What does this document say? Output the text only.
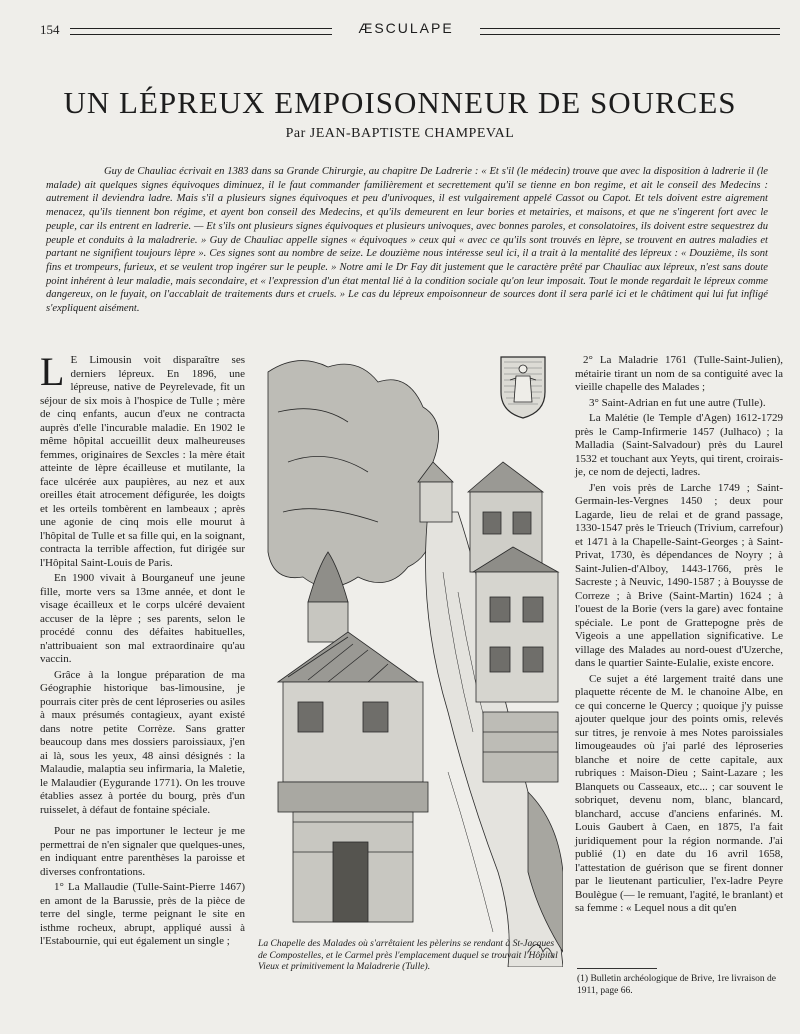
154	ÆSCULAPE
UN LÉPREUX EMPOISONNEUR DE SOURCES
Par JEAN-BAPTISTE CHAMPEVAL

Guy de Chauliac écrivait en 1383 dans sa Grande Chirurgie, au chapitre De Ladrerie : « Et s'il (le médecin) trouve que avec la disposition à ladrerie il (le malade) ait quelques signes équivoques diminuez, il le faut commander familièrement et secrettement qu'il se tienne en bon regime, et ait le conseil des Medecins : autrement il deviendra ladre. Mais s'il a plusieurs signes équivoques et peu d'univoques, il est vulgairement appelé Cassot ou Capot. Et tels doivent estre aigrement menacez, qu'ils tiennent bon régime, et ayent bon conseil des Medecins, et qu'ils demeurent en leur bories et metairies, et maisons, et que ne s'ingerent fort avec le peuple, car ils entrent en ladrerie. — Et s'ils ont plusieurs signes équivoques et plusieurs univoques, avec bonnes paroles, et consolatoires, ils doivent estre sequestrez du peuple et conduits à la maladrerie. » Guy de Chauliac appelle signes « équivoques » ceux qui « avec ce qu'ils sont trouvés en lèpre, se trouvent en autres maladies et partant ne signifient toujours lèpre ». Ces signes sont au nombre de seize. Le douzième nous intéresse seul ici, il a trait à la mentalité des lépreux : « Douzième, ils sont fins et trompeurs, furieux, et se veulent trop ingérer sur le peuple. » Notre ami le Dr Fay dit justement que le caractère prêté par Chauliac aux lépreux, n'est sans doute point inhérent à leur maladie, mais secondaire, et « l'expression d'un état mental lié à la condition sociale qu'on leur imposait. Tout le monde regardait le lépreux comme dangereux, on le fuyait, on l'accablait de traitements durs et cruels. » Le cas du lépreux empoisonneur de sources dont il sera parlé ici et le châtiment qui lui fut infligé s'expliquent aisément.

L E Limousin voit disparaître ses derniers lépreux. En 1896, une lépreuse, native de Peyrelevade, fit un séjour de six mois à l'hospice de Tulle ; mère de cinq enfants, aucun d'eux ne contracta auprès d'elle l'incurable maladie. En 1902 le même hôpital accueillit deux malheureuses femmes, originaires de Sexcles : la mère était atteinte de lèpre écailleuse et mutilante, la face ulcérée aux paupières, au nez et aux oreilles était atrocement défigurée, les doigts et les orteils tombèrent en lambeaux ; après une agonie de cinq mois elle mourut à l'hôpital de Tulle et sa fille qui, en la soignant, contracta la terrible affection, fut dirigée sur l'Hôpital Saint-Louis de Paris.

En 1900 vivait à Bourganeuf une jeune fille, morte vers sa 13me année, et dont le visage écailleux et le corps ulcéré devaient accuser de la lèpre ; ses parents, selon le procédé connu des défaites habituelles, n'attribuaient son mal extraordinaire qu'au vaccin.

Grâce à la longue préparation de ma Géographie historique bas-limousine, je pourrais citer près de cent léproseries ou asiles à maux présumés contagieux, ayant existé dans notre petite Corrèze. Sans gratter beaucoup dans mes dossiers paroissiaux, j'en ai là, sous les yeux, 48 ainsi désignés : la Malaudie, malaptia seu infirmaria, la Maletie, le Malaudier (Eygurande 1771). On les trouve établies assez à portée du bourg, près d'un ruisselet, à défaut de fontaine spéciale.

Pour ne pas importuner le lecteur je me permettrai de n'en signaler que quelques-unes, en indiquant entre parenthèses la paroisse et diverses confrontations.

1° La Mallaudie (Tulle-Saint-Pierre 1467) en amont de la Barussie, près de la pièce de terre del single, terme peignant le site en isthme rocheux, abrupt, appliqué aussi à l'Estabournie, qui eut également un single ;	La Chapelle des Malades où s'arrêtaient les pèlerins se rendant à St-Jacques de Compostelles, et le Carmel près l'emplacement duquel se trouvait l'Hôpital Vieux et primitivement la Maladrerie (Tulle).

2° La Maladrie 1761 (Tulle-Saint-Julien), métairie tirant un nom de sa contiguité avec la vieille chapelle des Malades ;

3° Saint-Adrian en fut une autre (Tulle).

La Malétie (le Temple d'Agen) 1612-1729 près le Camp-Infirmerie 1457 (Julhaco) ; la Malladia (Saint-Salvadour) près du Laurel 1532 et touchant aux Yeyts, qui tirent, croirais-je, ce nom de dejecti, ladres.

J'en vois près de Larche 1749 ; Saint-Germain-les-Vergnes 1450 ; deux pour Lagarde, lieu de relai et de grand passage, 1330-1547 près le Trieuch (Trivium, carrefour) et 1471 à la Chapelle-Saint-Georges ; à Saint-Privat, 1730, ès dépendances de Noyry ; à Saint-Julien-d'Alboy, 1443-1766, près le Sacreste ; à Neuvic, 1490-1587 ; à Bouysse de Correze ; à Brive (Saint-Martin) 1624 ; à l'ouest de la Borie (vers la gare) avec fontaine spéciale. Le pont de Grattерogne près de Vigeois a une appellation significative. Le village des Malades au nord-ouest d'Uzerche, dans le quartier Sainte-Eulalie, existe encore.

Ce sujet a été largement traité dans une plaquette récente de M. le chanoine Albe, en ce qui concerne le Quercy ; quoique j'y puisse ajouter quelque jour des points omis, relevés sur titres, je renvoie à mes Notes paroissiales limougeaudes où j'ai parlé des léproseries blanche et noire de cette capitale, aux rubriques : Maison-Dieu ; Saint-Lazare ; les Blanquets ou Casseaux, etc... ; car souvent le sobriquet, devenu nom, blanc, blancard, blanchard, accuse d'anciens enfarinés. M. Louis Gaubert à Caen, en 1875, l'a fait juridiquement pour la région normande. J'ai publié (1) en date du 16 avril 1658, l'attestation de guérison que se firent donner par le lieutenant particulier, l'ex-ladre Peyre Boulègue (— le remuant, l'agité, le branlant) et sa femme : « Lequel nous a dit qu'en

(1) Bulletin archéologique de Brive, 1re livraison de 1911, page 66.
